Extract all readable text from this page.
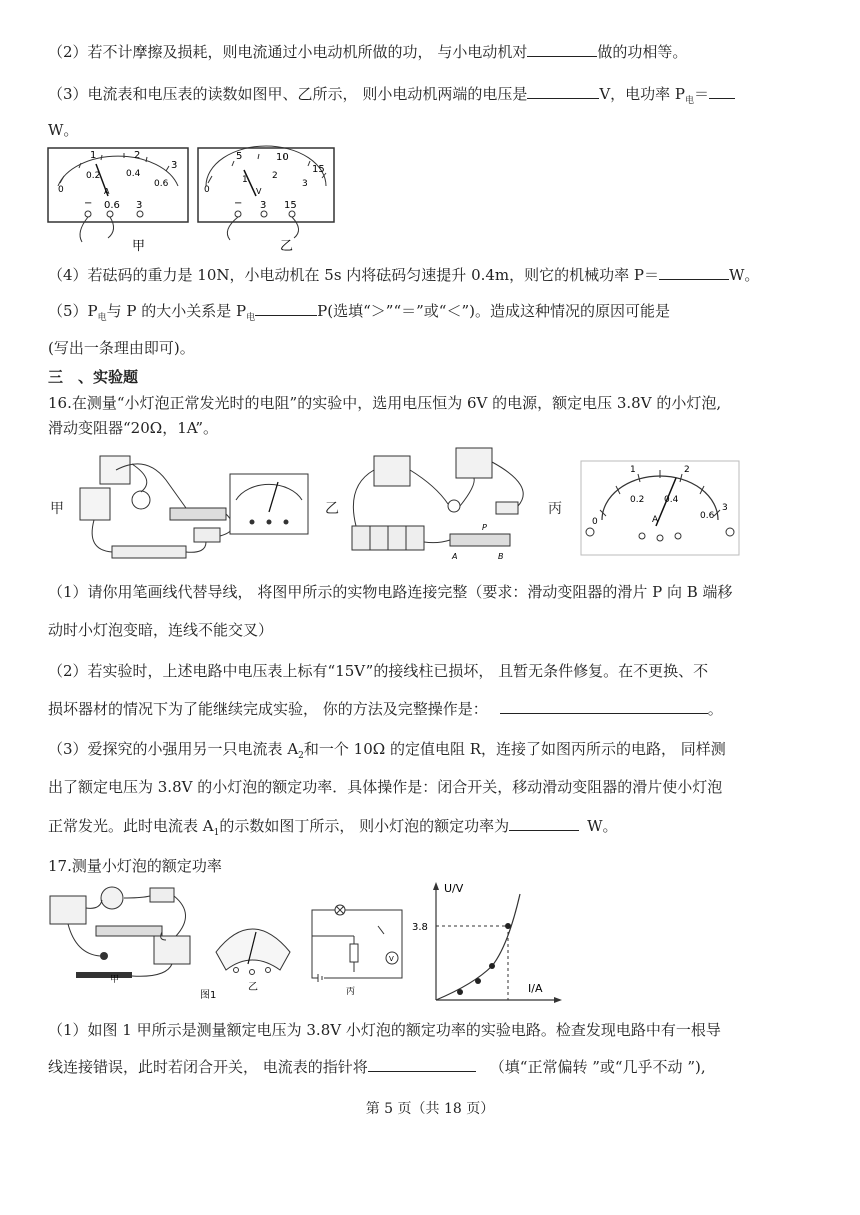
（2）若不计摩擦及损耗，则电流通过小电动机所做的功， 与小电动机对	做的功相等。
（3）电流表和电压表的读数如图甲、乙所示， 则小电动机两端的电压是	V，电功率 $P_电=$
W。
0
0.2	0.4
0.6
1	2
3
A
− 0.6 3
0
5	10
15
1	2
3
V
− 3 15
甲	乙
（4）若砝码的重力是 10N，小电动机在 5s 内将砝码匀速提升 0.4m，则它的机械功率 P＝	W。
$(5)P_电$与 P 的大小关系是 $P_电$	P(选填“＞”“＝”或“＜”)。造成这种情况的原因可能是
(写出一条理由即可)。
三　、实验题
16.在测量“小灯泡正常发光时的电阻”的实验中，选用电压恒为 6V 的电源，额定电压 3.8V 的小灯泡,
滑动变阻器“20Ω，1A”。
甲	乙
A	B
P
丙
0
0.2 0.4
0.6
1	2
3
A
（1）请你用笔画线代替导线， 将图甲所示的实物电路连接完整（要求：滑动变阻器的滑片 P 向 B 端移
动时小灯泡变暗，连线不能交叉）
（2）若实验时，上述电路中电压表上标有“15V”的接线柱已损坏， 且暂无条件修复。在不更换、不
损坏器材的情况下为了能继续完成实验， 你的方法及完整操作是：	。
（3）爱探究的小强用另一只电流表 $A_2$和一个 10Ω 的定值电阻 R，连接了如图丙所示的电路， 同样测
出了额定电压为 3.8V 的小灯泡的额定功率．具体操作是：闭合开关，移动滑动变阻器的滑片使小灯泡
正常发光。此时电流表 $A_1$的示数如图丁所示， 则小灯泡的额定功率为	W。
17.测量小灯泡的额定功率
甲
乙
图1
V
丙
U/V
I/A
3.8
（1）如图 1 甲所示是测量额定电压为 3.8V 小灯泡的额定功率的实验电路。检查发现电路中有一根导
线连接错误，此时若闭合开关， 电流表的指针将	（填“正常偏转 ”或“几乎不动 ”),
第 5 页（共 18 页）
